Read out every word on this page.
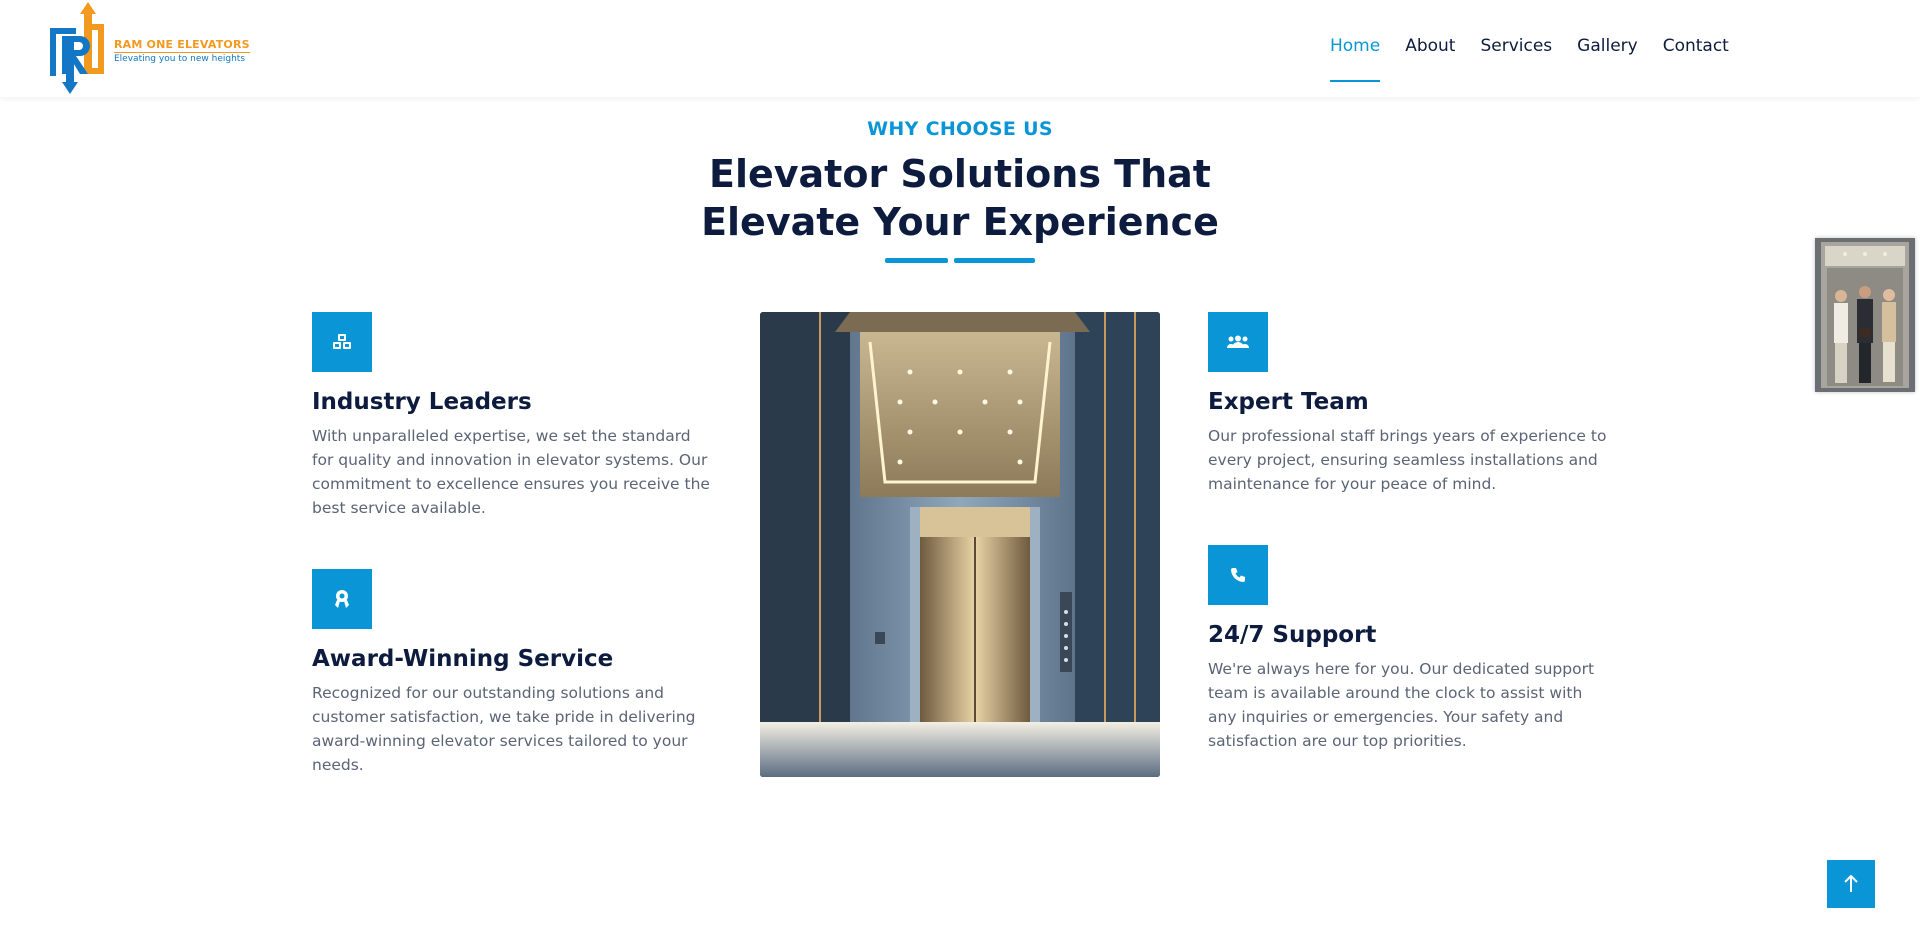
RAM ONE ELEVATORS
Elevating you to new heights
Home About Services Gallery Contact
WHY CHOOSE US
Elevator Solutions That
Elevate Your Experience
Industry Leaders

With unparalleled expertise, we set the standard for quality and innovation in elevator systems. Our commitment to excellence ensures you receive the best service available.

Award-Winning Service

Recognized for our outstanding solutions and customer satisfaction, we take pride in delivering award-winning elevator services tailored to your needs.

Expert Team

Our professional staff brings years of experience to every project, ensuring seamless installations and maintenance for your peace of mind.

24/7 Support

We're always here for you. Our dedicated support team is available around the clock to assist with any inquiries or emergencies. Your safety and satisfaction are our top priorities.
